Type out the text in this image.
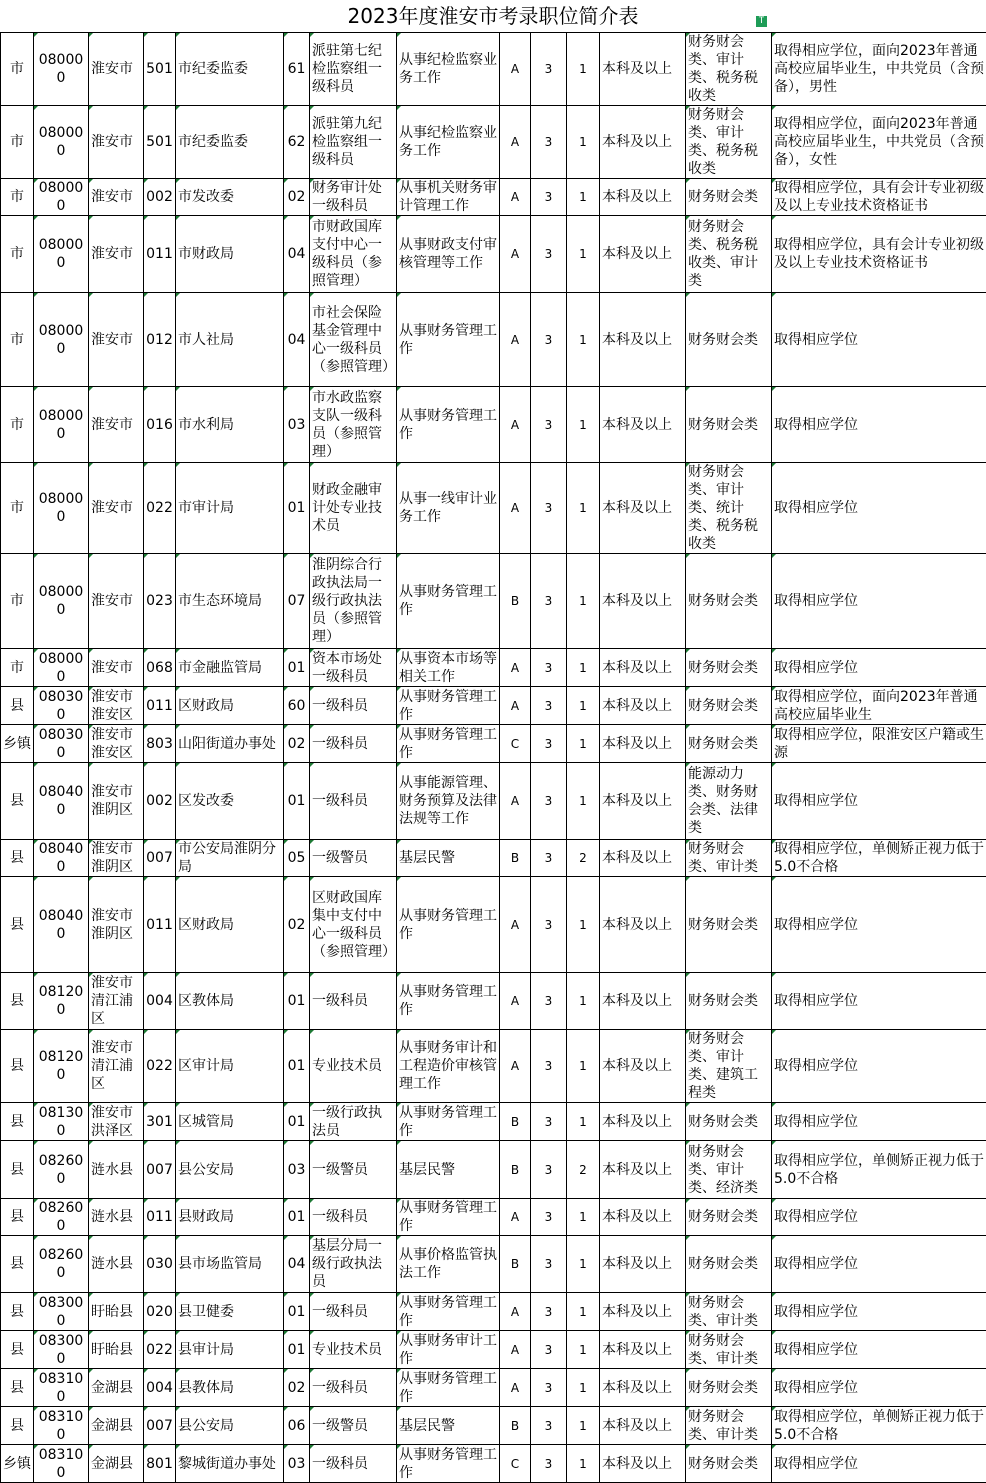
2023年度淮安市考录职位简介表	T
市	080000	淮安市	501	市纪委监委	61	派驻第七纪检监察组一级科员	从事纪检监察业务工作	A	3	1	本科及以上	财务财会类、审计类、税务税收类	取得相应学位，面向2023年普通高校应届毕业生，中共党员（含预备），男性
市	080000	淮安市	501	市纪委监委	62	派驻第九纪检监察组一级科员	从事纪检监察业务工作	A	3	1	本科及以上	财务财会类、审计类、税务税收类	取得相应学位，面向2023年普通高校应届毕业生，中共党员（含预备），女性
市	080000	淮安市	002	市发改委	02	财务审计处一级科员	从事机关财务审计管理工作	A	3	1	本科及以上	财务财会类	取得相应学位，具有会计专业初级及以上专业技术资格证书
市	080000	淮安市	011	市财政局	04	市财政国库支付中心一级科员（参照管理）	从事财政支付审核管理等工作	A	3	1	本科及以上	财务财会类、税务税收类、审计类	取得相应学位，具有会计专业初级及以上专业技术资格证书
市	080000	淮安市	012	市人社局	04	市社会保险基金管理中心一级科员（参照管理）	从事财务管理工作	A	3	1	本科及以上	财务财会类	取得相应学位
市	080000	淮安市	016	市水利局	03	市水政监察支队一级科员（参照管理）	从事财务管理工作	A	3	1	本科及以上	财务财会类	取得相应学位
市	080000	淮安市	022	市审计局	01	财政金融审计处专业技术员	从事一线审计业务工作	A	3	1	本科及以上	财务财会类、审计类、统计类、税务税收类	取得相应学位
市	080000	淮安市	023	市生态环境局	07	淮阴综合行政执法局一级行政执法员（参照管理）	从事财务管理工作	B	3	1	本科及以上	财务财会类	取得相应学位
市	080000	淮安市	068	市金融监管局	01	资本市场处一级科员	从事资本市场等相关工作	A	3	1	本科及以上	财务财会类	取得相应学位
县	080300	淮安市淮安区	011	区财政局	60	一级科员	从事财务管理工作	A	3	1	本科及以上	财务财会类	取得相应学位，面向2023年普通高校应届毕业生
乡镇	080300	淮安市淮安区	803	山阳街道办事处	02	一级科员	从事财务管理工作	C	3	1	本科及以上	财务财会类	取得相应学位，限淮安区户籍或生源
县	080400	淮安市淮阴区	002	区发改委	01	一级科员	从事能源管理、财务预算及法律法规等工作	A	3	1	本科及以上	能源动力类、财务财会类、法律类	取得相应学位
县	080400	淮安市淮阴区	007	市公安局淮阴分局	05	一级警员	基层民警	B	3	2	本科及以上	财务财会类、审计类	取得相应学位，单侧矫正视力低于5.0不合格
县	080400	淮安市淮阴区	011	区财政局	02	区财政国库集中支付中心一级科员（参照管理）	从事财务管理工作	A	3	1	本科及以上	财务财会类	取得相应学位
县	081200	淮安市清江浦区	004	区教体局	01	一级科员	从事财务管理工作	A	3	1	本科及以上	财务财会类	取得相应学位
县	081200	淮安市清江浦区	022	区审计局	01	专业技术员	从事财务审计和工程造价审核管理工作	A	3	1	本科及以上	财务财会类、审计类、建筑工程类	取得相应学位
县	081300	淮安市洪泽区	301	区城管局	01	一级行政执法员	从事财务管理工作	B	3	1	本科及以上	财务财会类	取得相应学位
县	082600	涟水县	007	县公安局	03	一级警员	基层民警	B	3	2	本科及以上	财务财会类、审计类、经济类	取得相应学位，单侧矫正视力低于5.0不合格
县	082600	涟水县	011	县财政局	01	一级科员	从事财务管理工作	A	3	1	本科及以上	财务财会类	取得相应学位
县	082600	涟水县	030	县市场监管局	04	基层分局一级行政执法员	从事价格监管执法工作	B	3	1	本科及以上	财务财会类	取得相应学位
县	083000	盱眙县	020	县卫健委	01	一级科员	从事财务管理工作	A	3	1	本科及以上	财务财会类、审计类	取得相应学位
县	083000	盱眙县	022	县审计局	01	专业技术员	从事财务审计工作	A	3	1	本科及以上	财务财会类、审计类	取得相应学位
县	083100	金湖县	004	县教体局	02	一级科员	从事财务管理工作	A	3	1	本科及以上	财务财会类	取得相应学位
县	083100	金湖县	007	县公安局	06	一级警员	基层民警	B	3	1	本科及以上	财务财会类、审计类	取得相应学位，单侧矫正视力低于5.0不合格
乡镇	083100	金湖县	801	黎城街道办事处	03	一级科员	从事财务管理工作	C	3	1	本科及以上	财务财会类	取得相应学位
